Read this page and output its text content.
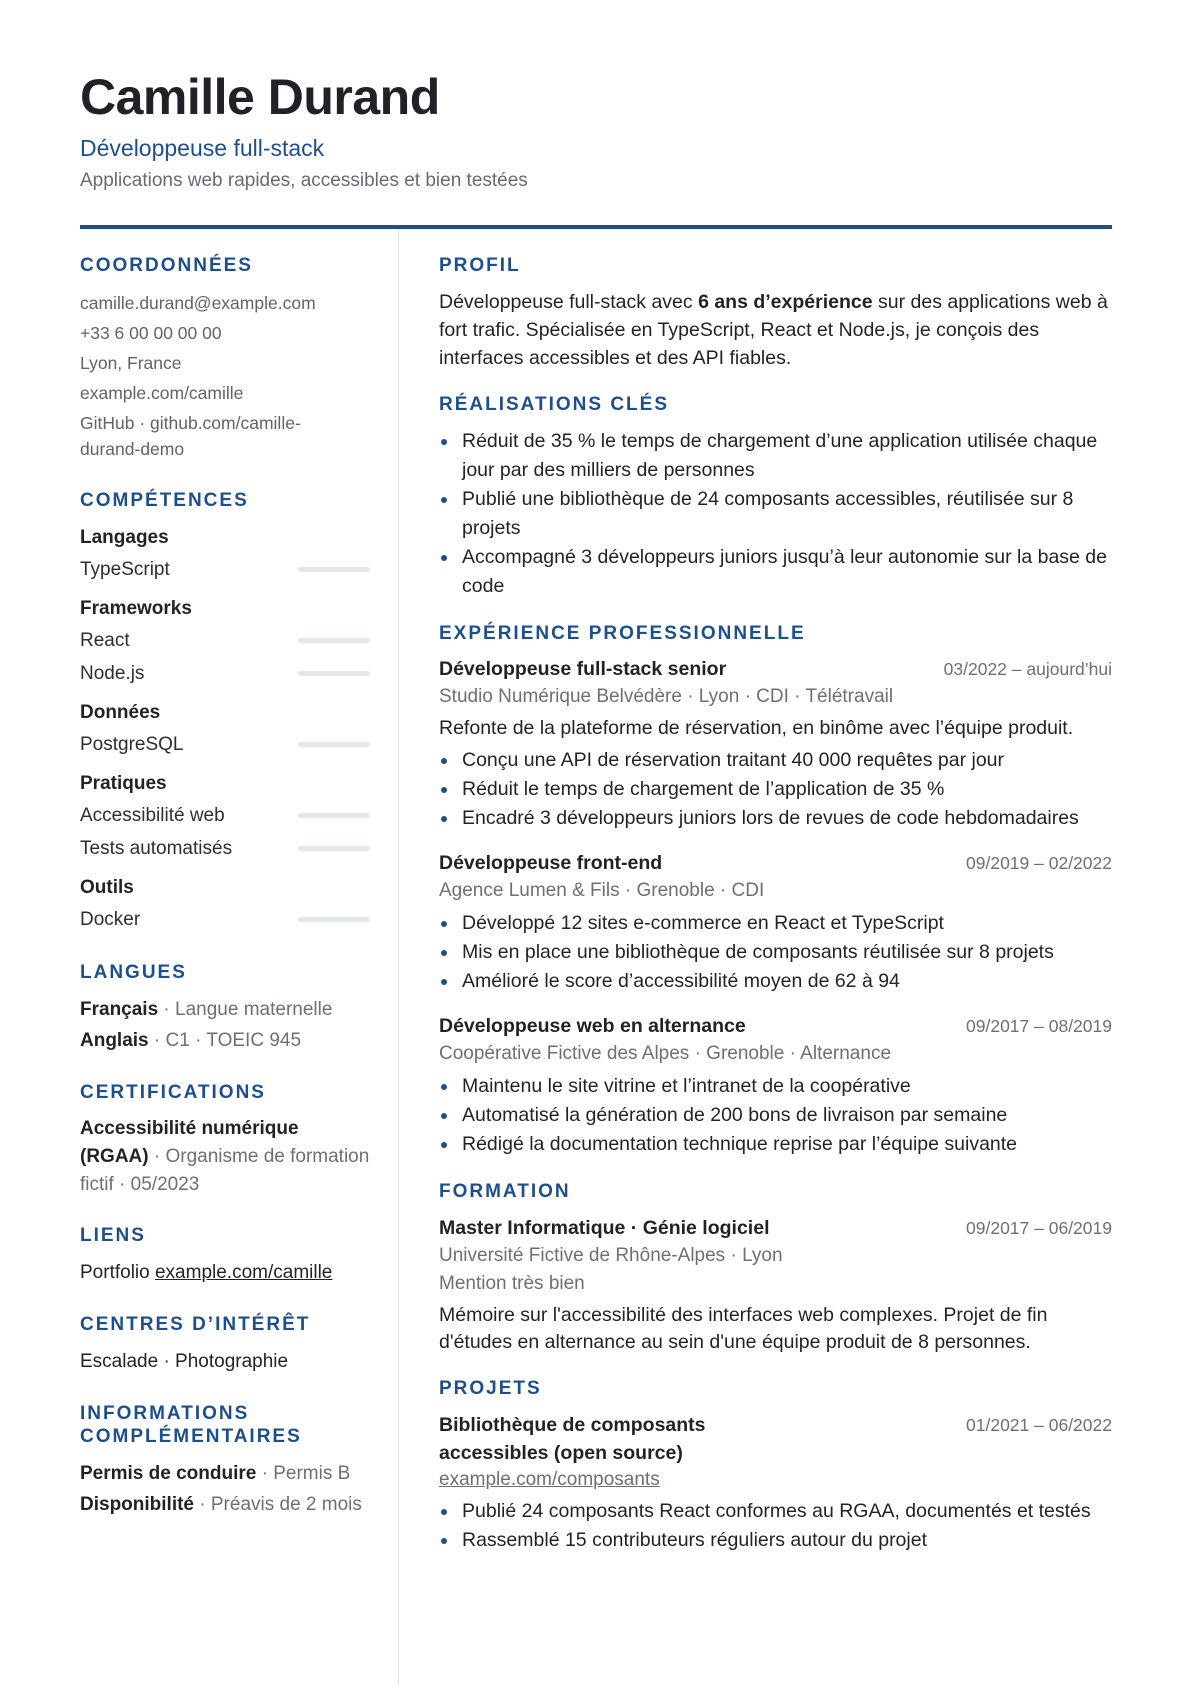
Camille Durand
Développeuse full-stack
Applications web rapides, accessibles et bien testées
COORDONNÉES
camille.durand@example.com
+33 6 00 00 00 00
Lyon, France
example.com/camille
GitHub · github.com/camille-
durand-demo
COMPÉTENCES
Langages
TypeScript
Frameworks
React
Node.js
Données
PostgreSQL
Pratiques
Accessibilité web
Tests automatisés
Outils
Docker
LANGUES
Français · Langue maternelle
Anglais · C1 · TOEIC 945
CERTIFICATIONS
Accessibilité numérique (RGAA) · Organisme de formation fictif · 05/2023
LIENS
Portfolio example.com/camille
CENTRES D’INTÉRÊT
Escalade · Photographie
INFORMATIONS COMPLÉMENTAIRES
Permis de conduire · Permis B
Disponibilité · Préavis de 2 mois
PROFIL

Développeuse full-stack avec 6 ans d’expérience sur des applications web à fort trafic. Spécialisée en TypeScript, React et Node.js, je conçois des interfaces accessibles et des API fiables.

RÉALISATIONS CLÉS
Réduit de 35 % le temps de chargement d’une application utilisée chaque jour par des milliers de personnes
Publié une bibliothèque de 24 composants accessibles, réutilisée sur 8 projets
Accompagné 3 développeurs juniors jusqu’à leur autonomie sur la base de code
EXPÉRIENCE PROFESSIONNELLE
Développeuse full-stack senior	03/2022 – aujourd’hui
Studio Numérique Belvédère · Lyon · CDI · Télétravail

Refonte de la plateforme de réservation, en binôme avec l’équipe produit.

Conçu une API de réservation traitant 40 000 requêtes par jour
Réduit le temps de chargement de l’application de 35 %
Encadré 3 développeurs juniors lors de revues de code hebdomadaires
Développeuse front-end	09/2019 – 02/2022
Agence Lumen & Fils · Grenoble · CDI
Développé 12 sites e-commerce en React et TypeScript
Mis en place une bibliothèque de composants réutilisée sur 8 projets
Amélioré le score d’accessibilité moyen de 62 à 94
Développeuse web en alternance	09/2017 – 08/2019
Coopérative Fictive des Alpes · Grenoble · Alternance
Maintenu le site vitrine et l’intranet de la coopérative
Automatisé la génération de 200 bons de livraison par semaine
Rédigé la documentation technique reprise par l’équipe suivante
FORMATION
Master Informatique · Génie logiciel	09/2017 – 06/2019
Université Fictive de Rhône-Alpes · Lyon
Mention très bien

Mémoire sur l'accessibilité des interfaces web complexes. Projet de fin d'études en alternance au sein d'une équipe produit de 8 personnes.

PROJETS
Bibliothèque de composants accessibles (open source)
01/2021 – 06/2022
example.com/composants
Publié 24 composants React conformes au RGAA, documentés et testés
Rassemblé 15 contributeurs réguliers autour du projet
